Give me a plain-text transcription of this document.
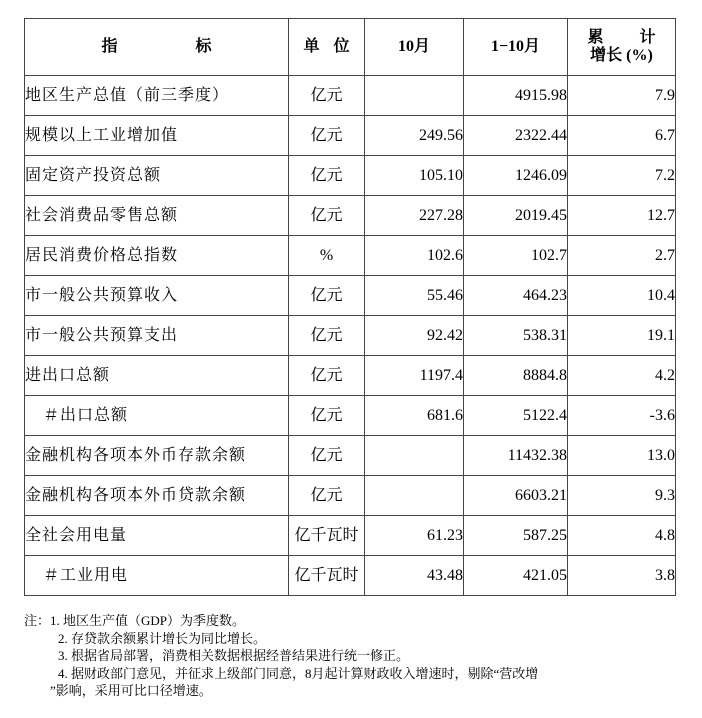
指 标	单 位	10月	1−10月	累 计
增长 (%)

地区生产总值（前三季度）	亿元		4915.98	7.9
规模以上工业增加值	亿元	249.56	2322.44	6.7
固定资产投资总额	亿元	105.10	1246.09	7.2
社会消费品零售总额	亿元	227.28	2019.45	12.7
居民消费价格总指数	%	102.6	102.7	2.7
市一般公共预算收入	亿元	55.46	464.23	10.4
市一般公共预算支出	亿元	92.42	538.31	19.1
进出口总额	亿元	1197.4	8884.8	4.2
＃出口总额	亿元	681.6	5122.4	-3.6
金融机构各项本外币存款余额	亿元		11432.38	13.0
金融机构各项本外币贷款余额	亿元		6603.21	9.3
全社会用电量	亿千瓦时	61.23	587.25	4.8
＃工业用电	亿千瓦时	43.48	421.05	3.8
注：1. 地区生产值（GDP）为季度数。
2. 存贷款余额累计增长为同比增长。
3. 根据省局部署，消费相关数据根据经普结果进行统一修正。
4. 据财政部门意见，并征求上级部门同意，8月起计算财政收入增速时，剔除“营改增
”影响，采用可比口径增速。
